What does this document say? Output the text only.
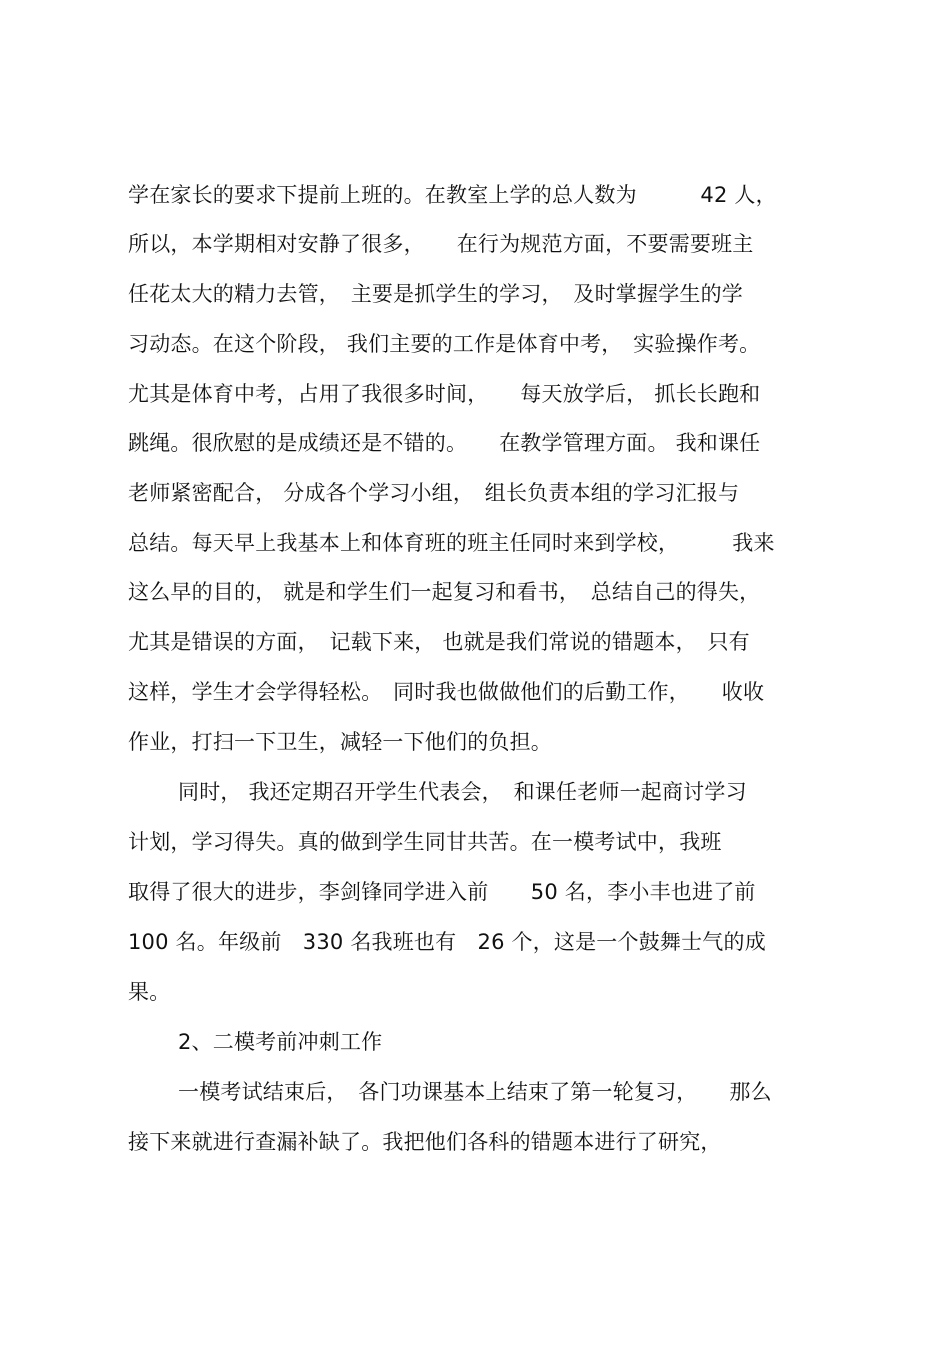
学在家长的要求下提前上班的。在教室上学的总人数为　　　42 人，
所以，本学期相对安静了很多，　　在行为规范方面，不要需要班主
任花太大的精力去管，　主要是抓学生的学习，　及时掌握学生的学
习动态。在这个阶段， 我们主要的工作是体育中考，　实验操作考。
尤其是体育中考，占用了我很多时间，　　每天放学后， 抓长长跑和
跳绳。很欣慰的是成绩还是不错的。　　在教学管理方面。 我和课任
老师紧密配合， 分成各个学习小组，　组长负责本组的学习汇报与
总结。每天早上我基本上和体育班的班主任同时来到学校，　　　我来
这么早的目的， 就是和学生们一起复习和看书，　总结自己的得失，
尤其是错误的方面，　记载下来， 也就是我们常说的错题本，　只有
这样，学生才会学得轻松。　同时我也做做他们的后勤工作，　　收收
作业，打扫一下卫生，减轻一下他们的负担。
同时， 我还定期召开学生代表会，　和课任老师一起商讨学习
计划，学习得失。真的做到学生同甘共苦。在一模考试中，我班
取得了很大的进步，李剑锋同学进入前　　50 名，李小丰也进了前
100 名。年级前　330 名我班也有　26 个，这是一个鼓舞士气的成
果。
2、二模考前冲刺工作
一模考试结束后，　各门功课基本上结束了第一轮复习，　　那么
接下来就进行查漏补缺了。我把他们各科的错题本进行了研究，
